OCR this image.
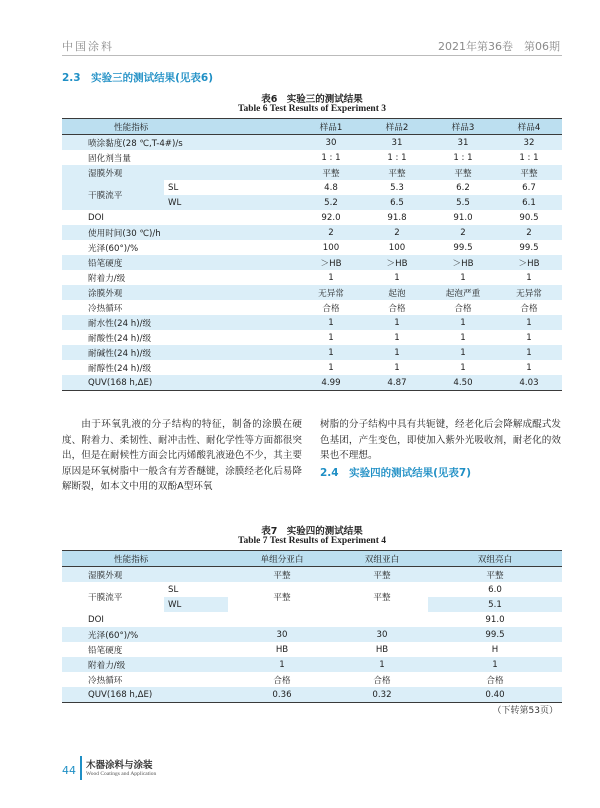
中国涂料	2021年第36卷　第06期
2.3　实验三的测试结果(见表6)
表6　实验三的测试结果
Table 6 Test Results of Experiment 3
性能指标			样品1	样品2	样品3	样品4
喷涂黏度(28 ℃,T-4#)/s			30	31	31	32
固化剂当量			1 : 1	1 : 1	1 : 1	1 : 1
湿膜外观			平整	平整	平整	平整
干膜流平	SL		4.8	5.3	6.2	6.7
	WL		5.2	6.5	5.5	6.1
DOI			92.0	91.8	91.0	90.5
使用时间(30 ℃)/h			2	2	2	2
光泽(60°)/%			100	100	99.5	99.5
铅笔硬度			＞HB	＞HB	＞HB	＞HB
附着力/级			1	1	1	1
涂膜外观			无异常	起泡	起泡严重	无异常
冷热循环			合格	合格	合格	合格
耐水性(24 h)/级			1	1	1	1
耐酸性(24 h)/级			1	1	1	1
耐碱性(24 h)/级			1	1	1	1
耐醇性(24 h)/级			1	1	1	1
QUV(168 h,ΔE)			4.99	4.87	4.50	4.03

由于环氧乳液的分子结构的特征，制备的涂膜在硬度、附着力、柔韧性、耐冲击性、耐化学性等方面都很突出，但是在耐候性方面会比丙烯酸乳液逊色不少，其主要原因是环氧树脂中一般含有芳香醚键，涂膜经老化后易降解断裂，如本文中用的双酚A型环氧

树脂的分子结构中具有共轭键，经老化后会降解成醌式发色基团，产生变色，即使加入紫外光吸收剂，耐老化的效果也不理想。

2.4　实验四的测试结果(见表7)
表7　实验四的测试结果
Table 7 Test Results of Experiment 4
性能指标		单组分亚白	双组亚白	双组亮白
湿膜外观		平整	平整	平整
干膜流平	SL	平整	平整	6.0
	WL			5.1
DOI				91.0
光泽(60°)/%		30	30	99.5
铅笔硬度		HB	HB	H
附着力/级		1	1	1
冷热循环		合格	合格	合格
QUV(168 h,ΔE)		0.36	0.32	0.40
（下转第53页）
44 木器涂料与涂装
Wood Coatings and Application
